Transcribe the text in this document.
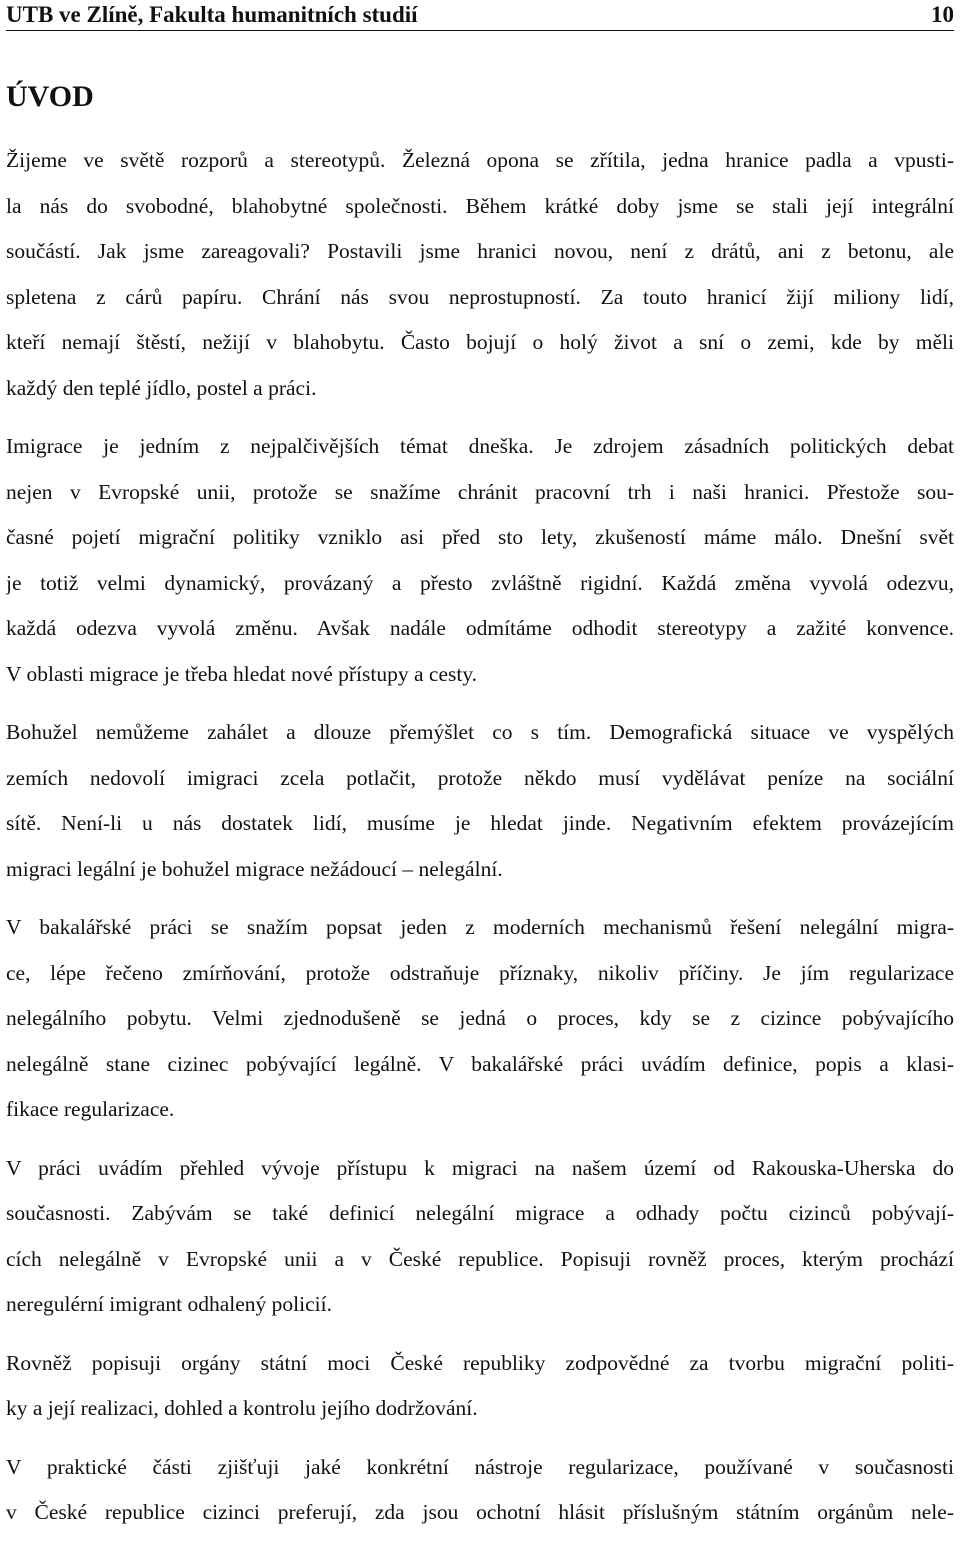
UTB ve Zlíně, Fakulta humanitních studií	10
ÚVOD
Žijeme ve světě rozporů a stereotypů. Železná opona se zřítila, jedna hranice padla a vpusti-
la nás do svobodné, blahobytné společnosti. Během krátké doby jsme se stali její integrální
součástí. Jak jsme zareagovali? Postavili jsme hranici novou, není z drátů, ani z betonu, ale
spletena z cárů papíru. Chrání nás svou neprostupností. Za touto hranicí žijí miliony lidí,
kteří nemají štěstí, nežijí v blahobytu. Často bojují o holý život a sní o zemi, kde by měli
každý den teplé jídlo, postel a práci.
Imigrace je jedním z nejpalčivějších témat dneška. Je zdrojem zásadních politických debat
nejen v Evropské unii, protože se snažíme chránit pracovní trh i naši hranici. Přestože sou-
časné pojetí migrační politiky vzniklo asi před sto lety, zkušeností máme málo. Dnešní svět
je totiž velmi dynamický, provázaný a přesto zvláštně rigidní. Každá změna vyvolá odezvu,
každá odezva vyvolá změnu. Avšak nadále odmítáme odhodit stereotypy a zažité konvence.
V oblasti migrace je třeba hledat nové přístupy a cesty.
Bohužel nemůžeme zahálet a dlouze přemýšlet co s tím. Demografická situace ve vyspělých
zemích nedovolí imigraci zcela potlačit, protože někdo musí vydělávat peníze na sociální
sítě. Není-li u nás dostatek lidí, musíme je hledat jinde. Negativním efektem provázejícím
migraci legální je bohužel migrace nežádoucí – nelegální.
V bakalářské práci se snažím popsat jeden z moderních mechanismů řešení nelegální migra-
ce, lépe řečeno zmírňování, protože odstraňuje příznaky, nikoliv příčiny. Je jím regularizace
nelegálního pobytu. Velmi zjednodušeně se jedná o proces, kdy se z cizince pobývajícího
nelegálně stane cizinec pobývající legálně. V bakalářské práci uvádím definice, popis a klasi-
fikace regularizace.
V práci uvádím přehled vývoje přístupu k migraci na našem území od Rakouska-Uherska do
současnosti. Zabývám se také definicí nelegální migrace a odhady počtu cizinců pobývají-
cích nelegálně v Evropské unii a v České republice. Popisuji rovněž proces, kterým prochází
neregulérní imigrant odhalený policií.
Rovněž popisuji orgány státní moci České republiky zodpovědné za tvorbu migrační politi-
ky a její realizaci, dohled a kontrolu jejího dodržování.
V praktické části zjišťuji jaké konkrétní nástroje regularizace, používané v současnosti
v České republice cizinci preferují, zda jsou ochotní hlásit příslušným státním orgánům nele-
